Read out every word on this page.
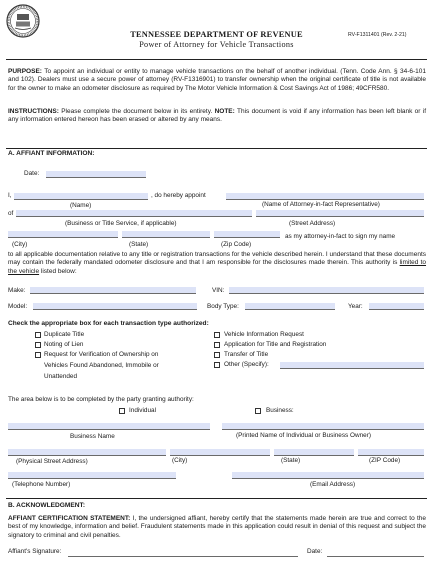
TENNESSEE DEPARTMENT OF REVENUE
Power of Attorney for Vehicle Transactions
RV-F1311401 (Rev. 2-21)
PURPOSE: To appoint an individual or entity to manage vehicle transactions on the behalf of another individual. (Tenn. Code Ann. § 34-6-101 and 102). Dealers must use a secure power of attorney (RV-F1316901) to transfer ownership when the original certificate of title is not available for the owner to make an odometer disclosure as required by The Motor Vehicle Information & Cost Savings Act of 1986; 49CFR580.
INSTRUCTIONS: Please complete the document below in its entirety. NOTE: This document is void if any information has been left blank or if any information entered hereon has been erased or altered by any means.
A. AFFIANT INFORMATION:
Date:
I,	, do hereby appoint
(Name)	(Name of Attorney-in-fact Representative)
of
(Business or Title Service, if applicable)	(Street Address)
as my attorney-in-fact to sign my name
(City)	(State)	(Zip Code)
to all applicable documentation relative to any title or registration transactions for the vehicle described herein. I understand that these documents may contain the federally mandated odometer disclosure and that I am responsible for the disclosures made therein. This authority is limited to the vehicle listed below:
Make:	VIN:
Model:	Body Type:	Year:
Check the appropriate box for each transaction type authorized:
Duplicate Title
Noting of Lien
Request for Verification of Ownership on
Vehicles Found Abandoned, Immobile or
Unattended
Vehicle Information Request
Application for Title and Registration
Transfer of Title
Other (Specify):
The area below is to be completed by the party granting authority:
Individual	Business:
Business Name	(Printed Name of Individual or Business Owner)
(Physical Street Address)	(City)	(State)	(ZIP Code)
(Telephone Number)	(Email Address)
B. ACKNOWLEDGMENT:
AFFIANT CERTIFICATION STATEMENT: I, the undersigned affiant, hereby certify that the statements made herein are true and correct to the best of my knowledge, information and belief. Fraudulent statements made in this application could result in denial of this request and subject the signatory to criminal and civil penalties.
Affiant's Signature:	Date:
